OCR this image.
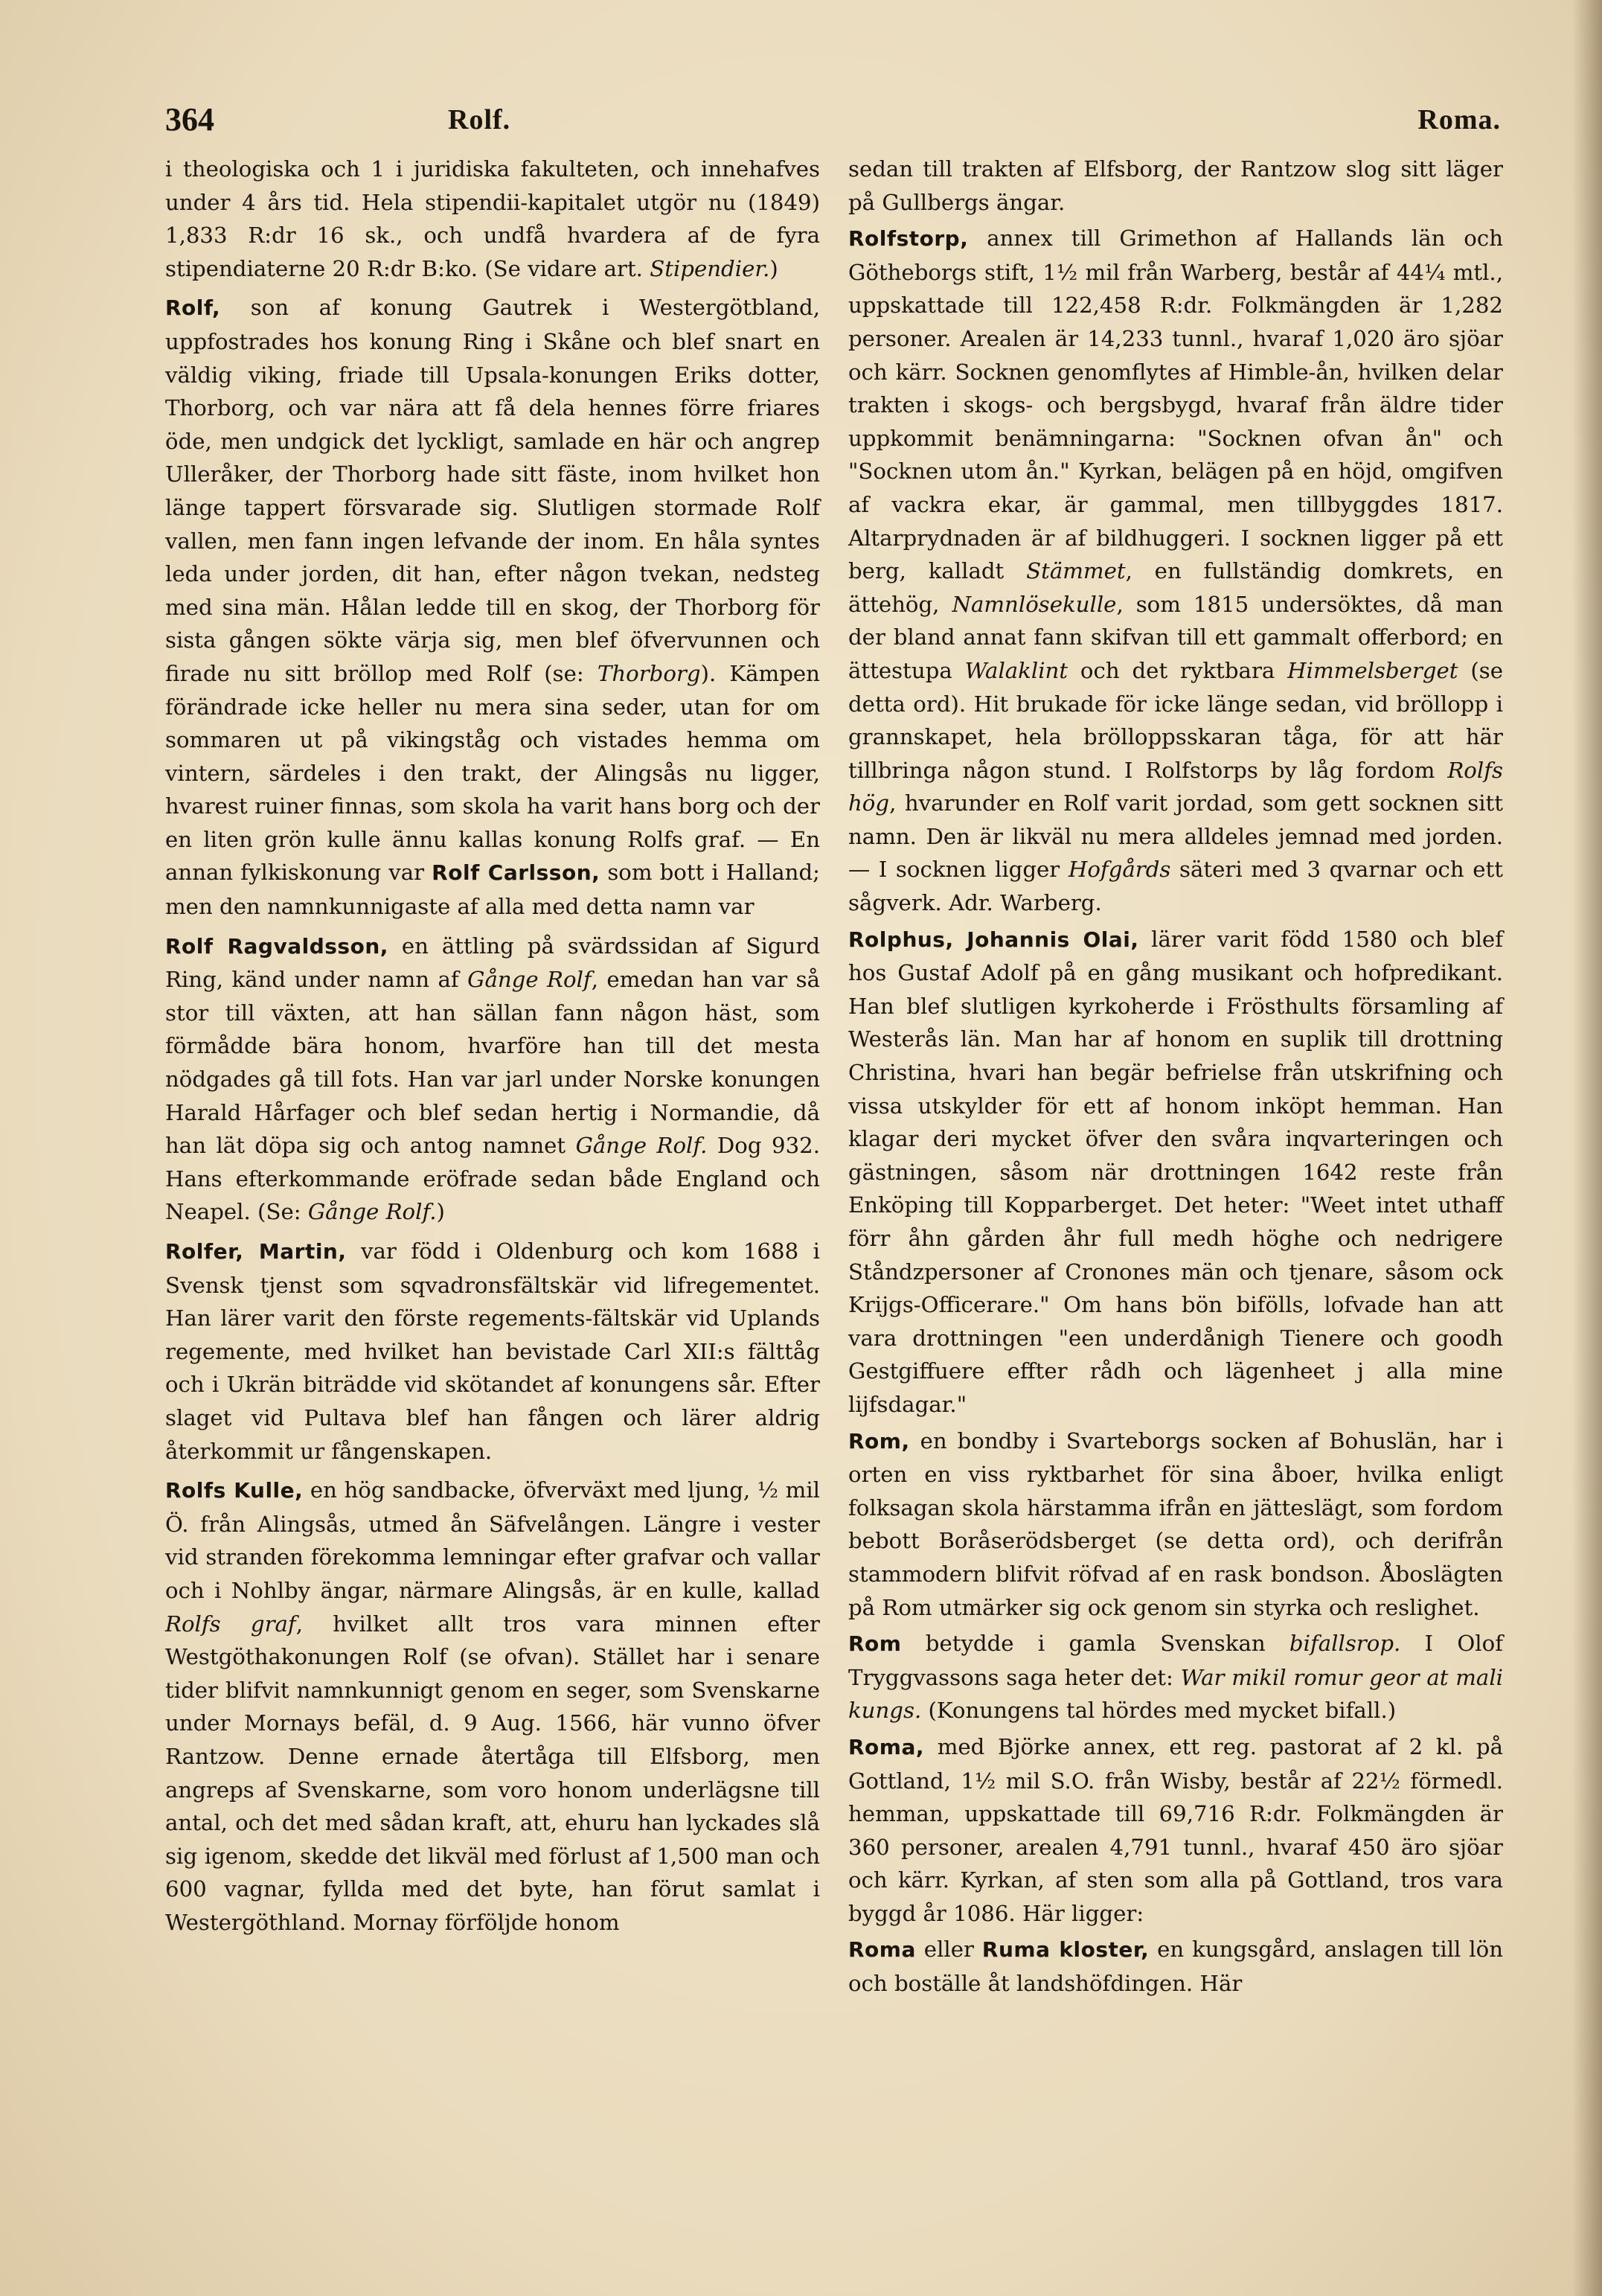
364	Rolf.	Roma.

i theologiska och 1 i juridiska fakulteten, och innehafves under 4 års tid. Hela stipendii-kapitalet utgör nu (1849) 1,833 R:dr 16 sk., och undfå hvardera af de fyra stipendiaterne 20 R:dr B:ko. (Se vidare art. Stipendier.)

Rolf, son af konung Gautrek i Westergötbland, uppfostrades hos konung Ring i Skåne och blef snart en väldig viking, friade till Upsala-konungen Eriks dotter, Thorborg, och var nära att få dela hennes förre friares öde, men undgick det lyckligt, samlade en här och angrep Ulleråker, der Thorborg hade sitt fäste, inom hvilket hon länge tappert försvarade sig. Slutligen stormade Rolf vallen, men fann ingen lefvande der inom. En håla syntes leda under jorden, dit han, efter någon tvekan, nedsteg med sina män. Hålan ledde till en skog, der Thorborg för sista gången sökte värja sig, men blef öfvervunnen och firade nu sitt bröllop med Rolf (se: Thorborg). Kämpen förändrade icke heller nu mera sina seder, utan for om sommaren ut på vikingståg och vistades hemma om vintern, särdeles i den trakt, der Alingsås nu ligger, hvarest ruiner finnas, som skola ha varit hans borg och der en liten grön kulle ännu kallas konung Rolfs graf. — En annan fylkiskonung var Rolf Carlsson, som bott i Halland; men den namnkunnigaste af alla med detta namn var

Rolf Ragvaldsson, en ättling på svärdssidan af Sigurd Ring, känd under namn af Gånge Rolf, emedan han var så stor till växten, att han sällan fann någon häst, som förmådde bära honom, hvarföre han till det mesta nödgades gå till fots. Han var jarl under Norske konungen Harald Hårfager och blef sedan hertig i Normandie, då han lät döpa sig och antog namnet Gånge Rolf. Dog 932. Hans efterkommande eröfrade sedan både England och Neapel. (Se: Gånge Rolf.)

Rolfer, Martin, var född i Oldenburg och kom 1688 i Svensk tjenst som sqvadronsfältskär vid lifregementet. Han lärer varit den förste regements-fältskär vid Uplands regemente, med hvilket han bevistade Carl XII:s fälttåg och i Ukrän biträdde vid skötandet af konungens sår. Efter slaget vid Pultava blef han fången och lärer aldrig återkommit ur fångenskapen.

Rolfs Kulle, en hög sandbacke, öfverväxt med ljung, ½ mil Ö. från Alingsås, utmed ån Säfvelången. Längre i vester vid stranden förekomma lemningar efter grafvar och vallar och i Nohlby ängar, närmare Alingsås, är en kulle, kallad Rolfs graf, hvilket allt tros vara minnen efter Westgöthakonungen Rolf (se ofvan). Stället har i senare tider blifvit namnkunnigt genom en seger, som Svenskarne under Mornays befäl, d. 9 Aug. 1566, här vunno öfver Rantzow. Denne ernade återtåga till Elfsborg, men angreps af Svenskarne, som voro honom underlägsne till antal, och det med sådan kraft, att, ehuru han lyckades slå sig igenom, skedde det likväl med förlust af 1,500 man och 600 vagnar, fyllda med det byte, han förut samlat i Westergöthland. Mornay förföljde honom

sedan till trakten af Elfsborg, der Rantzow slog sitt läger på Gullbergs ängar.

Rolfstorp, annex till Grimethon af Hallands län och Götheborgs stift, 1½ mil från Warberg, består af 44¼ mtl., uppskattade till 122,458 R:dr. Folkmängden är 1,282 personer. Arealen är 14,233 tunnl., hvaraf 1,020 äro sjöar och kärr. Socknen genomflytes af Himble-ån, hvilken delar trakten i skogs- och bergsbygd, hvaraf från äldre tider uppkommit benämningarna: "Socknen ofvan ån" och "Socknen utom ån." Kyrkan, belägen på en höjd, omgifven af vackra ekar, är gammal, men tillbyggdes 1817. Altarprydnaden är af bildhuggeri. I socknen ligger på ett berg, kalladt Stämmet, en fullständig domkrets, en ättehög, Namnlösekulle, som 1815 undersöktes, då man der bland annat fann skifvan till ett gammalt offerbord; en ättestupa Walaklint och det ryktbara Himmelsberget (se detta ord). Hit brukade för icke länge sedan, vid bröllopp i grannskapet, hela brölloppsskaran tåga, för att här tillbringa någon stund. I Rolfstorps by låg fordom Rolfs hög, hvarunder en Rolf varit jordad, som gett socknen sitt namn. Den är likväl nu mera alldeles jemnad med jorden. — I socknen ligger Hofgårds säteri med 3 qvarnar och ett sågverk. Adr. Warberg.

Rolphus, Johannis Olai, lärer varit född 1580 och blef hos Gustaf Adolf på en gång musikant och hofpredikant. Han blef slutligen kyrkoherde i Frösthults församling af Westerås län. Man har af honom en suplik till drottning Christina, hvari han begär befrielse från utskrifning och vissa utskylder för ett af honom inköpt hemman. Han klagar deri mycket öfver den svåra inqvarteringen och gästningen, såsom när drottningen 1642 reste från Enköping till Kopparberget. Det heter: "Weet intet uthaff förr åhn gården åhr full medh höghe och nedrigere Ståndzpersoner af Cronones män och tjenare, såsom ock Krijgs-Officerare." Om hans bön bifölls, lofvade han att vara drottningen "een underdånigh Tienere och goodh Gestgiffuere effter rådh och lägenheet j alla mine lijfsdagar."

Rom, en bondby i Svarteborgs socken af Bohuslän, har i orten en viss ryktbarhet för sina åboer, hvilka enligt folksagan skola härstamma ifrån en jätteslägt, som fordom bebott Boråserödsberget (se detta ord), och derifrån stammodern blifvit röfvad af en rask bondson. Åboslägten på Rom utmärker sig ock genom sin styrka och reslighet.

Rom betydde i gamla Svenskan bifallsrop. I Olof Tryggvassons saga heter det: War mikil romur geor at mali kungs. (Konungens tal hördes med mycket bifall.)

Roma, med Björke annex, ett reg. pastorat af 2 kl. på Gottland, 1½ mil S.O. från Wisby, består af 22½ förmedl. hemman, uppskattade till 69,716 R:dr. Folkmängden är 360 personer, arealen 4,791 tunnl., hvaraf 450 äro sjöar och kärr. Kyrkan, af sten som alla på Gottland, tros vara byggd år 1086. Här ligger:

Roma eller Ruma kloster, en kungsgård, anslagen till lön och boställe åt landshöfdingen. Här
